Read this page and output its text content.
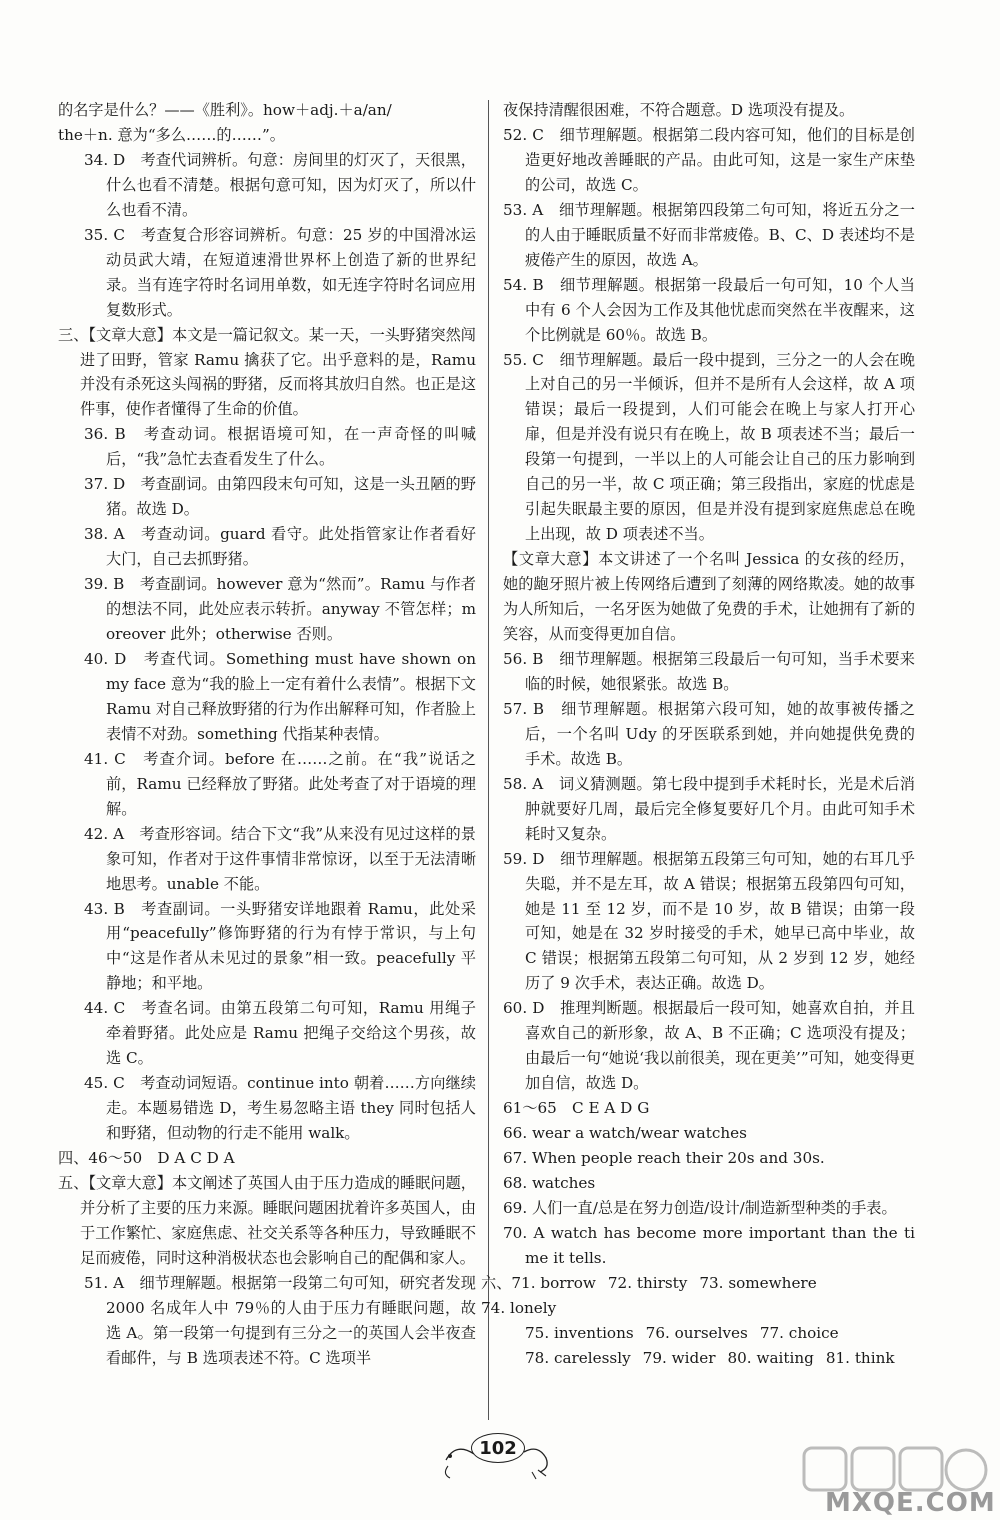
的名字是什么？——《胜利》。how＋adj.＋a/an/

the＋n. 意为“多么……的……”。

34. D　考查代词辨析。句意：房间里的灯灭了，天很黑，什么也看不清楚。根据句意可知，因为灯灭了，所以什么也看不清。

35. C　考查复合形容词辨析。句意：25 岁的中国滑冰运动员武大靖，在短道速滑世界杯上创造了新的世界纪录。当有连字符时名词用单数，如无连字符时名词应用复数形式。

三、【文章大意】本文是一篇记叙文。某一天，一头野猪突然闯进了田野，管家 Ramu 擒获了它。出乎意料的是，Ramu 并没有杀死这头闯祸的野猪，反而将其放归自然。也正是这件事，使作者懂得了生命的价值。

36. B　考查动词。根据语境可知，在一声奇怪的叫喊后，“我”急忙去查看发生了什么。

37. D　考查副词。由第四段末句可知，这是一头丑陋的野猪。故选 D。

38. A　考查动词。guard 看守。此处指管家让作者看好大门，自己去抓野猪。

39. B　考查副词。however 意为“然而”。Ramu 与作者的想法不同，此处应表示转折。anyway 不管怎样；moreover 此外；otherwise 否则。

40. D　考查代词。Something must have shown on my face 意为“我的脸上一定有着什么表情”。根据下文 Ramu 对自己释放野猪的行为作出解释可知，作者脸上表情不对劲。something 代指某种表情。

41. C　考查介词。before 在……之前。在“我”说话之前，Ramu 已经释放了野猪。此处考查了对于语境的理解。

42. A　考查形容词。结合下文“我”从来没有见过这样的景象可知，作者对于这件事情非常惊讶，以至于无法清晰地思考。unable 不能。

43. B　考查副词。一头野猪安详地跟着 Ramu，此处采用“peacefully”修饰野猪的行为有悖于常识，与上句中“这是作者从未见过的景象”相一致。peacefully 平静地；和平地。

44. C　考查名词。由第五段第二句可知，Ramu 用绳子牵着野猪。此处应是 Ramu 把绳子交给这个男孩，故选 C。

45. C　考查动词短语。continue into 朝着……方向继续走。本题易错选 D，考生易忽略主语 they 同时包括人和野猪，但动物的行走不能用 walk。

四、46～50　D A C D A

五、【文章大意】本文阐述了英国人由于压力造成的睡眠问题，并分析了主要的压力来源。睡眠问题困扰着许多英国人，由于工作繁忙、家庭焦虑、社交关系等各种压力，导致睡眠不足而疲倦，同时这种消极状态也会影响自己的配偶和家人。

51. A　细节理解题。根据第一段第二句可知，研究者发现 2000 名成年人中 79％的人由于压力有睡眠问题，故选 A。第一段第一句提到有三分之一的英国人会半夜查看邮件，与 B 选项表述不符。C 选项半

夜保持清醒很困难，不符合题意。D 选项没有提及。

52. C　细节理解题。根据第二段内容可知，他们的目标是创造更好地改善睡眠的产品。由此可知，这是一家生产床垫的公司，故选 C。

53. A　细节理解题。根据第四段第二句可知，将近五分之一的人由于睡眠质量不好而非常疲倦。B、C、D 表述均不是疲倦产生的原因，故选 A。

54. B　细节理解题。根据第一段最后一句可知，10 个人当中有 6 个人会因为工作及其他忧虑而突然在半夜醒来，这个比例就是 60％。故选 B。

55. C　细节理解题。最后一段中提到，三分之一的人会在晚上对自己的另一半倾诉，但并不是所有人会这样，故 A 项错误；最后一段提到，人们可能会在晚上与家人打开心扉，但是并没有说只有在晚上，故 B 项表述不当；最后一段第一句提到，一半以上的人可能会让自己的压力影响到自己的另一半，故 C 项正确；第三段指出，家庭的忧虑是引起失眠最主要的原因，但是并没有提到家庭焦虑总在晚上出现，故 D 项表述不当。

【文章大意】本文讲述了一个名叫 Jessica 的女孩的经历，她的龅牙照片被上传网络后遭到了刻薄的网络欺凌。她的故事为人所知后，一名牙医为她做了免费的手术，让她拥有了新的笑容，从而变得更加自信。

56. B　细节理解题。根据第三段最后一句可知，当手术要来临的时候，她很紧张。故选 B。

57. B　细节理解题。根据第六段可知，她的故事被传播之后，一个名叫 Udy 的牙医联系到她，并向她提供免费的手术。故选 B。

58. A　词义猜测题。第七段中提到手术耗时长，光是术后消肿就要好几周，最后完全修复要好几个月。由此可知手术耗时又复杂。

59. D　细节理解题。根据第五段第三句可知，她的右耳几乎失聪，并不是左耳，故 A 错误；根据第五段第四句可知，她是 11 至 12 岁，而不是 10 岁，故 B 错误；由第一段可知，她是在 32 岁时接受的手术，她早已高中毕业，故 C 错误；根据第五段第二句可知，从 2 岁到 12 岁，她经历了 9 次手术，表达正确。故选 D。

60. D　推理判断题。根据最后一段可知，她喜欢自拍，并且喜欢自己的新形象，故 A、B 不正确；C 选项没有提及；由最后一句“她说‘我以前很美，现在更美’”可知，她变得更加自信，故选 D。

61～65　C E A D G

66. wear a watch/wear watches

67. When people reach their 20s and 30s.

68. watches

69. 人们一直/总是在努力创造/设计/制造新型种类的手表。

70. A watch has become more important than the time it tells.

六、71. borrow 72. thirsty 73. somewhere74. lonely

75. inventions 76. ourselves 77. choice

78. carelessly 79. wider 80. waiting 81. think

102
MXQE.COM
